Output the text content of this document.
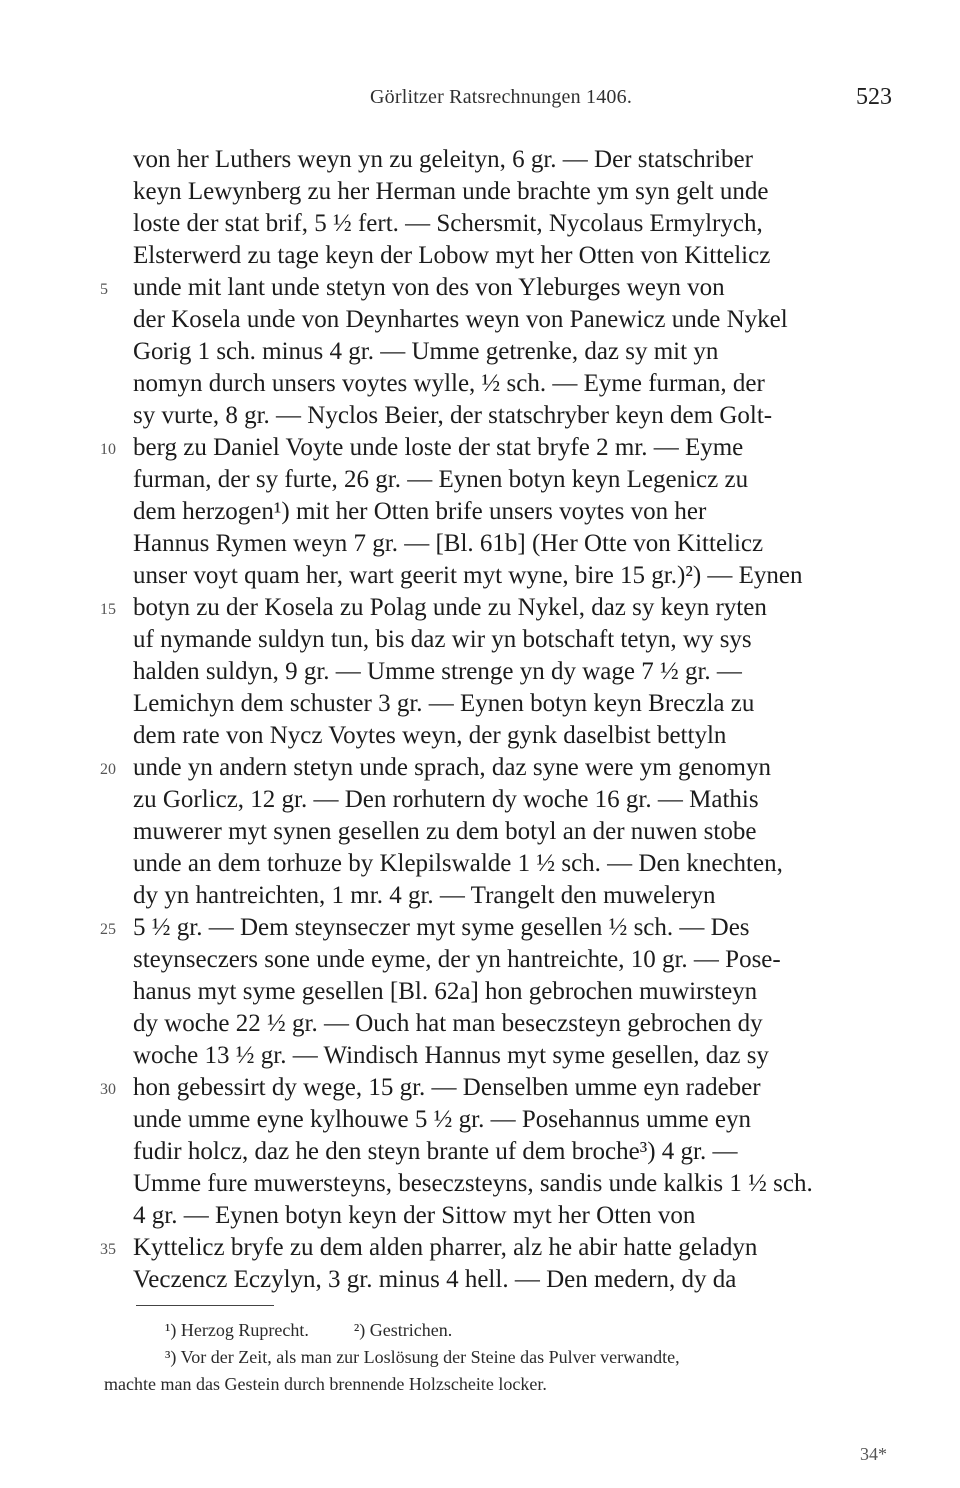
Görlitzer Ratsrechnungen 1406.	523
von her Luthers weyn yn zu geleityn, 6 gr. — Der statschriber
keyn Lewynberg zu her Herman unde brachte ym syn gelt unde
loste der stat brif, 5 ½ fert. — Schersmit, Nycolaus Ermylrych,
Elsterwerd zu tage keyn der Lobow myt her Otten von Kittelicz
unde mit lant unde stetyn von des von Yleburges weyn von
der Kosela unde von Deynhartes weyn von Panewicz unde Nykel
Gorig 1 sch. minus 4 gr. — Umme getrenke, daz sy mit yn
nomyn durch unsers voytes wylle, ½ sch. — Eyme furman, der
sy vurte, 8 gr. — Nyclos Beier, der statschryber keyn dem Golt-
berg zu Daniel Voyte unde loste der stat bryfe 2 mr. — Eyme
furman, der sy furte, 26 gr. — Eynen botyn keyn Legenicz zu
dem herzogen¹) mit her Otten brife unsers voytes von her
Hannus Rymen weyn 7 gr. — [Bl. 61b] (Her Otte von Kittelicz
unser voyt quam her, wart geerit myt wyne, bire 15 gr.)²) — Eynen
botyn zu der Kosela zu Polag unde zu Nykel, daz sy keyn ryten
uf nymande suldyn tun, bis daz wir yn botschaft tetyn, wy sys
halden suldyn, 9 gr. — Umme strenge yn dy wage 7 ½ gr. —
Lemichyn dem schuster 3 gr. — Eynen botyn keyn Breczla zu
dem rate von Nycz Voytes weyn, der gynk daselbist bettyln
unde yn andern stetyn unde sprach, daz syne were ym genomyn
zu Gorlicz, 12 gr. — Den rorhutern dy woche 16 gr. — Mathis
muwerer myt synen gesellen zu dem botyl an der nuwen stobe
unde an dem torhuze by Klepilswalde 1 ½ sch. — Den knechten,
dy yn hantreichten, 1 mr. 4 gr. — Trangelt den muweleryn
5 ½ gr. — Dem steynseczer myt syme gesellen ½ sch. — Des
steynseczers sone unde eyme, der yn hantreichte, 10 gr. — Pose-
hanus myt syme gesellen [Bl. 62a] hon gebrochen muwirsteyn
dy woche 22 ½ gr. — Ouch hat man beseczsteyn gebrochen dy
woche 13 ½ gr. — Windisch Hannus myt syme gesellen, daz sy
hon gebessirt dy wege, 15 gr. — Denselben umme eyn radeber
unde umme eyne kylhouwe 5 ½ gr. — Posehannus umme eyn
fudir holcz, daz he den steyn brante uf dem broche³) 4 gr. —
Umme fure muwersteyns, beseczsteyns, sandis unde kalkis 1 ½ sch.
4 gr. — Eynen botyn keyn der Sittow myt her Otten von
Kyttelicz bryfe zu dem alden pharrer, alz he abir hatte geladyn
Veczencz Eczylyn, 3 gr. minus 4 hell. — Den medern, dy da
5
10
15
20
25
30
35
¹) Herzog Ruprecht.          ²) Gestrichen.
³) Vor der Zeit, als man zur Loslösung der Steine das Pulver verwandte,
machte man das Gestein durch brennende Holzscheite locker.
34*
